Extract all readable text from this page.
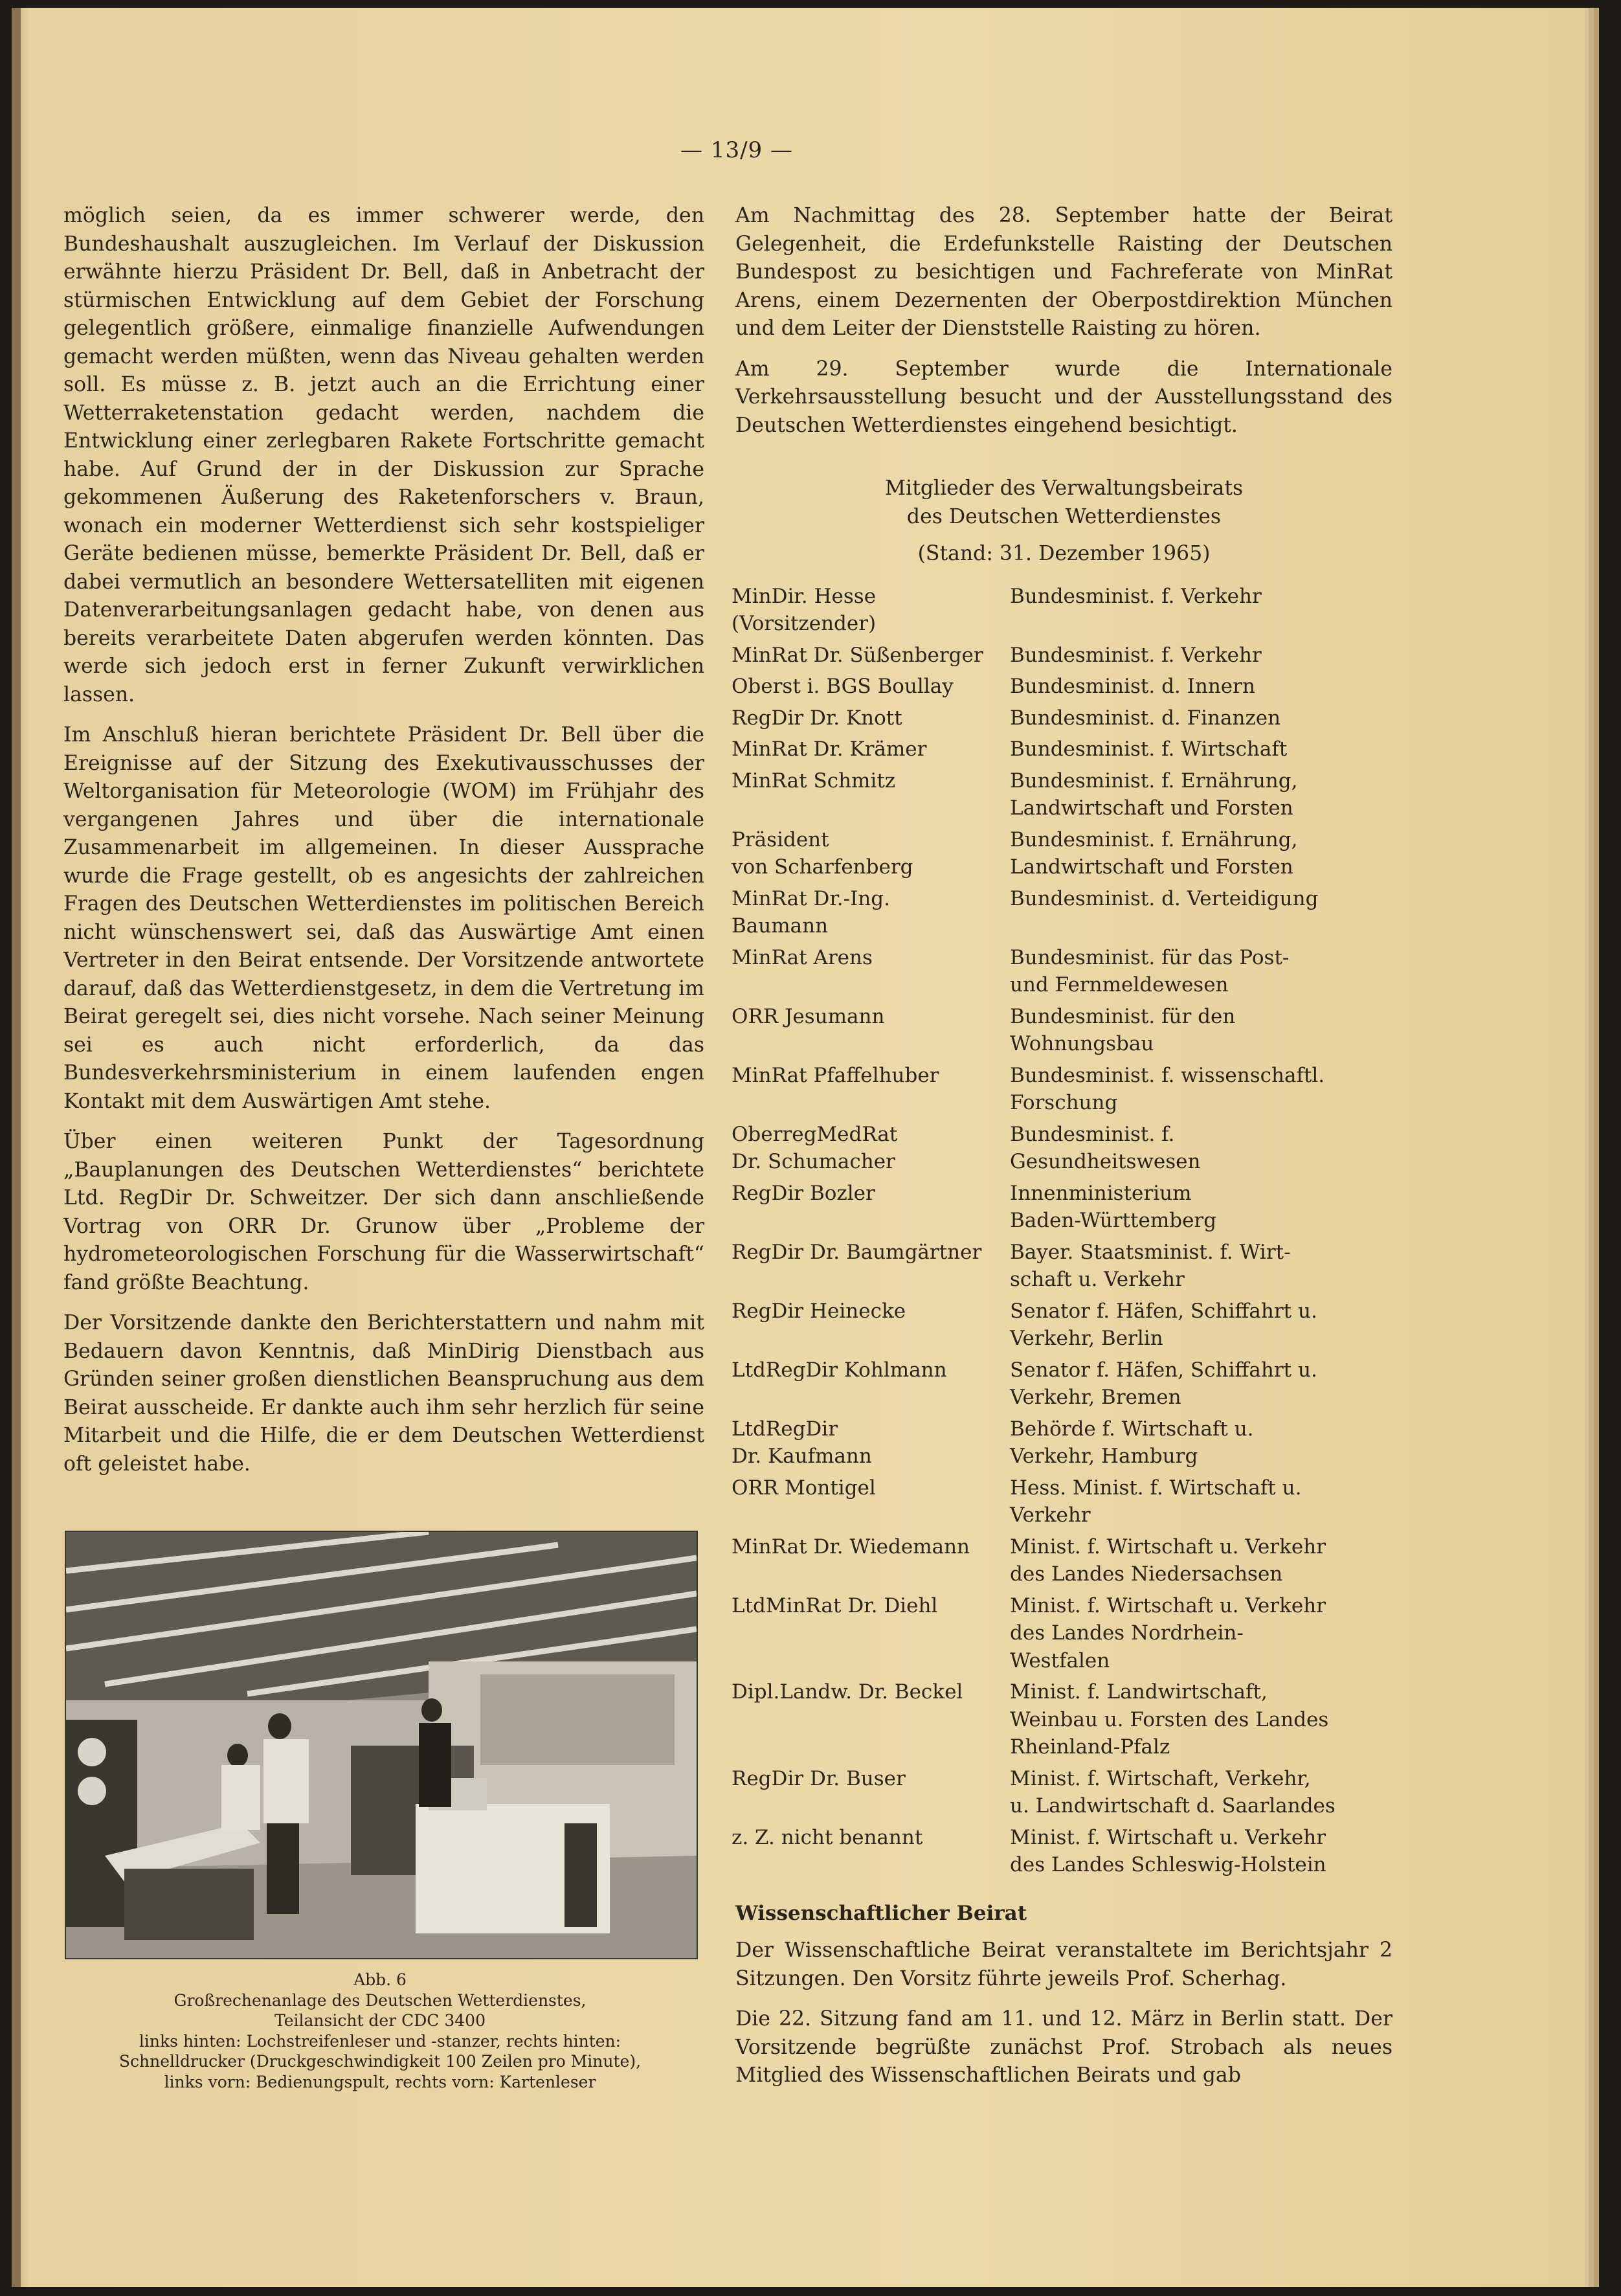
— 13/9 —

möglich seien, da es immer schwerer werde, den Bundeshaushalt auszugleichen. Im Verlauf der Diskussion erwähnte hierzu Präsident Dr. Bell, daß in Anbetracht der stürmischen Entwicklung auf dem Gebiet der Forschung gelegentlich größere, einmalige finanzielle Aufwendungen gemacht werden müßten, wenn das Niveau gehalten werden soll. Es müsse z. B. jetzt auch an die Errichtung einer Wetterraketenstation gedacht werden, nachdem die Entwicklung einer zerlegbaren Rakete Fortschritte gemacht habe. Auf Grund der in der Diskussion zur Sprache gekommenen Äußerung des Raketenforschers v. Braun, wonach ein moderner Wetterdienst sich sehr kostspieliger Geräte bedienen müsse, bemerkte Präsident Dr. Bell, daß er dabei vermutlich an besondere Wettersatelliten mit eigenen Datenverarbeitungsanlagen gedacht habe, von denen aus bereits verarbeitete Daten abgerufen werden könnten. Das werde sich jedoch erst in ferner Zukunft verwirklichen lassen.

Im Anschluß hieran berichtete Präsident Dr. Bell über die Ereignisse auf der Sitzung des Exekutivausschusses der Weltorganisation für Meteorologie (WOM) im Frühjahr des vergangenen Jahres und über die internationale Zusammenarbeit im allgemeinen. In dieser Aussprache wurde die Frage gestellt, ob es angesichts der zahlreichen Fragen des Deutschen Wetterdienstes im politischen Bereich nicht wünschenswert sei, daß das Auswärtige Amt einen Vertreter in den Beirat entsende. Der Vorsitzende antwortete darauf, daß das Wetterdienstgesetz, in dem die Vertretung im Beirat geregelt sei, dies nicht vorsehe. Nach seiner Meinung sei es auch nicht erforderlich, da das Bundesverkehrsministerium in einem laufenden engen Kontakt mit dem Auswärtigen Amt stehe.

Über einen weiteren Punkt der Tagesordnung „Bauplanungen des Deutschen Wetterdienstes“ berichtete Ltd. RegDir Dr. Schweitzer. Der sich dann anschließende Vortrag von ORR Dr. Grunow über „Probleme der hydrometeorologischen Forschung für die Wasserwirtschaft“ fand größte Beachtung.

Der Vorsitzende dankte den Berichterstattern und nahm mit Bedauern davon Kenntnis, daß MinDirig Dienstbach aus Gründen seiner großen dienstlichen Beanspruchung aus dem Beirat ausscheide. Er dankte auch ihm sehr herzlich für seine Mitarbeit und die Hilfe, die er dem Deutschen Wetterdienst oft geleistet habe.

Abb. 6
Großrechenanlage des Deutschen Wetterdienstes,
Teilansicht der CDC 3400
links hinten: Lochstreifenleser und -stanzer, rechts hinten:
Schnelldrucker (Druckgeschwindigkeit 100 Zeilen pro Minute),
links vorn: Bedienungspult, rechts vorn: Kartenleser

Am Nachmittag des 28. September hatte der Beirat Gelegenheit, die Erdefunkstelle Raisting der Deutschen Bundespost zu besichtigen und Fachreferate von MinRat Arens, einem Dezernenten der Oberpostdirektion München und dem Leiter der Dienststelle Raisting zu hören.

Am 29. September wurde die Internationale Verkehrsausstellung besucht und der Ausstellungsstand des Deutschen Wetterdienstes eingehend besichtigt.

Mitglieder des Verwaltungsbeirats
des Deutschen Wetterdienstes
(Stand: 31. Dezember 1965)
MinDir. Hesse
(Vorsitzender)	Bundesminist. f. Verkehr
MinRat Dr. Süßenberger	Bundesminist. f. Verkehr
Oberst i. BGS Boullay	Bundesminist. d. Innern
RegDir Dr. Knott	Bundesminist. d. Finanzen
MinRat Dr. Krämer	Bundesminist. f. Wirtschaft
MinRat Schmitz	Bundesminist. f. Ernährung,
Landwirtschaft und Forsten
Präsident
von Scharfenberg	Bundesminist. f. Ernährung,
Landwirtschaft und Forsten
MinRat Dr.-Ing.
Baumann	Bundesminist. d. Verteidigung
MinRat Arens	Bundesminist. für das Post-
und Fernmeldewesen
ORR Jesumann	Bundesminist. für den
Wohnungsbau
MinRat Pfaffelhuber	Bundesminist. f. wissenschaftl.
Forschung
OberregMedRat
Dr. Schumacher	Bundesminist. f.
Gesundheitswesen
RegDir Bozler	Innenministerium
Baden-Württemberg
RegDir Dr. Baumgärtner	Bayer. Staatsminist. f. Wirt-
schaft u. Verkehr
RegDir Heinecke	Senator f. Häfen, Schiffahrt u.
Verkehr, Berlin
LtdRegDir Kohlmann	Senator f. Häfen, Schiffahrt u.
Verkehr, Bremen
LtdRegDir
Dr. Kaufmann	Behörde f. Wirtschaft u.
Verkehr, Hamburg
ORR Montigel	Hess. Minist. f. Wirtschaft u.
Verkehr
MinRat Dr. Wiedemann	Minist. f. Wirtschaft u. Verkehr
des Landes Niedersachsen
LtdMinRat Dr. Diehl	Minist. f. Wirtschaft u. Verkehr
des Landes Nordrhein-
Westfalen
Dipl.Landw. Dr. Beckel	Minist. f. Landwirtschaft,
Weinbau u. Forsten des Landes
Rheinland-Pfalz
RegDir Dr. Buser	Minist. f. Wirtschaft, Verkehr,
u. Landwirtschaft d. Saarlandes
z. Z. nicht benannt	Minist. f. Wirtschaft u. Verkehr
des Landes Schleswig-Holstein
Wissenschaftlicher Beirat

Der Wissenschaftliche Beirat veranstaltete im Berichtsjahr 2 Sitzungen. Den Vorsitz führte jeweils Prof. Scherhag.

Die 22. Sitzung fand am 11. und 12. März in Berlin statt. Der Vorsitzende begrüßte zunächst Prof. Strobach als neues Mitglied des Wissenschaftlichen Beirats und gab
